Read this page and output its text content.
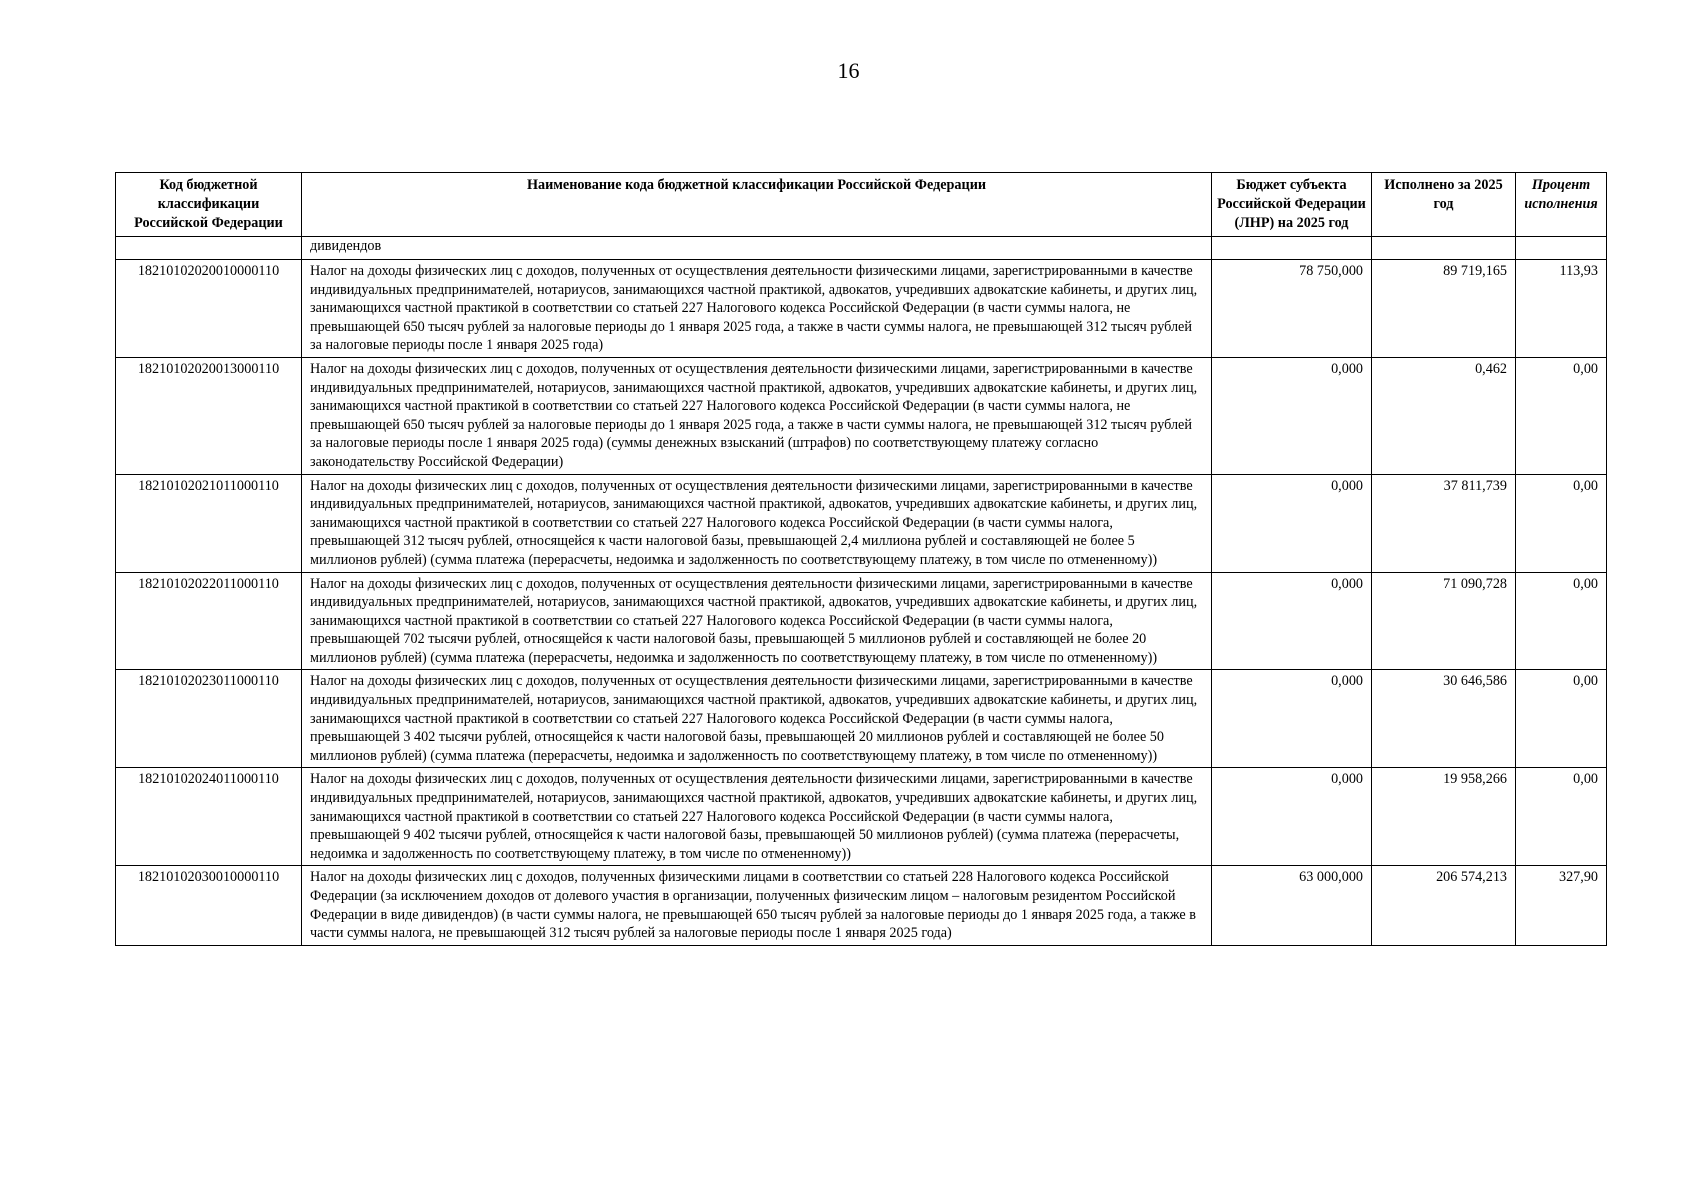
16
Код бюджетной классификации Российской Федерации	Наименование кода бюджетной классификации Российской Федерации	Бюджет субъекта Российской Федерации (ЛНР) на 2025 год	Исполнено за 2025 год	Процент исполнения
	дивидендов			
18210102020010000110	Налог на доходы физических лиц с доходов, полученных от осуществления деятельности физическими лицами, зарегистрированными в качестве индивидуальных предпринимателей, нотариусов, занимающихся частной практикой, адвокатов, учредивших адвокатские кабинеты, и других лиц, занимающихся частной практикой в соответствии со статьей 227 Налогового кодекса Российской Федерации (в части суммы налога, не превышающей 650 тысяч рублей за налоговые периоды до 1 января 2025 года, а также в части суммы налога, не превышающей 312 тысяч рублей за налоговые периоды после 1 января 2025 года)	78 750,000	89 719,165	113,93
18210102020013000110	Налог на доходы физических лиц с доходов, полученных от осуществления деятельности физическими лицами, зарегистрированными в качестве индивидуальных предпринимателей, нотариусов, занимающихся частной практикой, адвокатов, учредивших адвокатские кабинеты, и других лиц, занимающихся частной практикой в соответствии со статьей 227 Налогового кодекса Российской Федерации (в части суммы налога, не превышающей 650 тысяч рублей за налоговые периоды до 1 января 2025 года, а также в части суммы налога, не превышающей 312 тысяч рублей за налоговые периоды после 1 января 2025 года) (суммы денежных взысканий (штрафов) по соответствующему платежу согласно законодательству Российской Федерации)	0,000	0,462	0,00
18210102021011000110	Налог на доходы физических лиц с доходов, полученных от осуществления деятельности физическими лицами, зарегистрированными в качестве индивидуальных предпринимателей, нотариусов, занимающихся частной практикой, адвокатов, учредивших адвокатские кабинеты, и других лиц, занимающихся частной практикой в соответствии со статьей 227 Налогового кодекса Российской Федерации (в части суммы налога, превышающей 312 тысяч рублей, относящейся к части налоговой базы, превышающей 2,4 миллиона рублей и составляющей не более 5 миллионов рублей) (сумма платежа (перерасчеты, недоимка и задолженность по соответствующему платежу, в том числе по отмененному))	0,000	37 811,739	0,00
18210102022011000110	Налог на доходы физических лиц с доходов, полученных от осуществления деятельности физическими лицами, зарегистрированными в качестве индивидуальных предпринимателей, нотариусов, занимающихся частной практикой, адвокатов, учредивших адвокатские кабинеты, и других лиц, занимающихся частной практикой в соответствии со статьей 227 Налогового кодекса Российской Федерации (в части суммы налога, превышающей 702 тысячи рублей, относящейся к части налоговой базы, превышающей 5 миллионов рублей и составляющей не более 20 миллионов рублей) (сумма платежа (перерасчеты, недоимка и задолженность по соответствующему платежу, в том числе по отмененному))	0,000	71 090,728	0,00
18210102023011000110	Налог на доходы физических лиц с доходов, полученных от осуществления деятельности физическими лицами, зарегистрированными в качестве индивидуальных предпринимателей, нотариусов, занимающихся частной практикой, адвокатов, учредивших адвокатские кабинеты, и других лиц, занимающихся частной практикой в соответствии со статьей 227 Налогового кодекса Российской Федерации (в части суммы налога, превышающей 3 402 тысячи рублей, относящейся к части налоговой базы, превышающей 20 миллионов рублей и составляющей не более 50 миллионов рублей) (сумма платежа (перерасчеты, недоимка и задолженность по соответствующему платежу, в том числе по отмененному))	0,000	30 646,586	0,00
18210102024011000110	Налог на доходы физических лиц с доходов, полученных от осуществления деятельности физическими лицами, зарегистрированными в качестве индивидуальных предпринимателей, нотариусов, занимающихся частной практикой, адвокатов, учредивших адвокатские кабинеты, и других лиц, занимающихся частной практикой в соответствии со статьей 227 Налогового кодекса Российской Федерации (в части суммы налога, превышающей 9 402 тысячи рублей, относящейся к части налоговой базы, превышающей 50 миллионов рублей) (сумма платежа (перерасчеты, недоимка и задолженность по соответствующему платежу, в том числе по отмененному))	0,000	19 958,266	0,00
18210102030010000110	Налог на доходы физических лиц с доходов, полученных физическими лицами в соответствии со статьей 228 Налогового кодекса Российской Федерации (за исключением доходов от долевого участия в организации, полученных физическим лицом – налоговым резидентом Российской Федерации в виде дивидендов) (в части суммы налога, не превышающей 650 тысяч рублей за налоговые периоды до 1 января 2025 года, а также в части суммы налога, не превышающей 312 тысяч рублей за налоговые периоды после 1 января 2025 года)	63 000,000	206 574,213	327,90
